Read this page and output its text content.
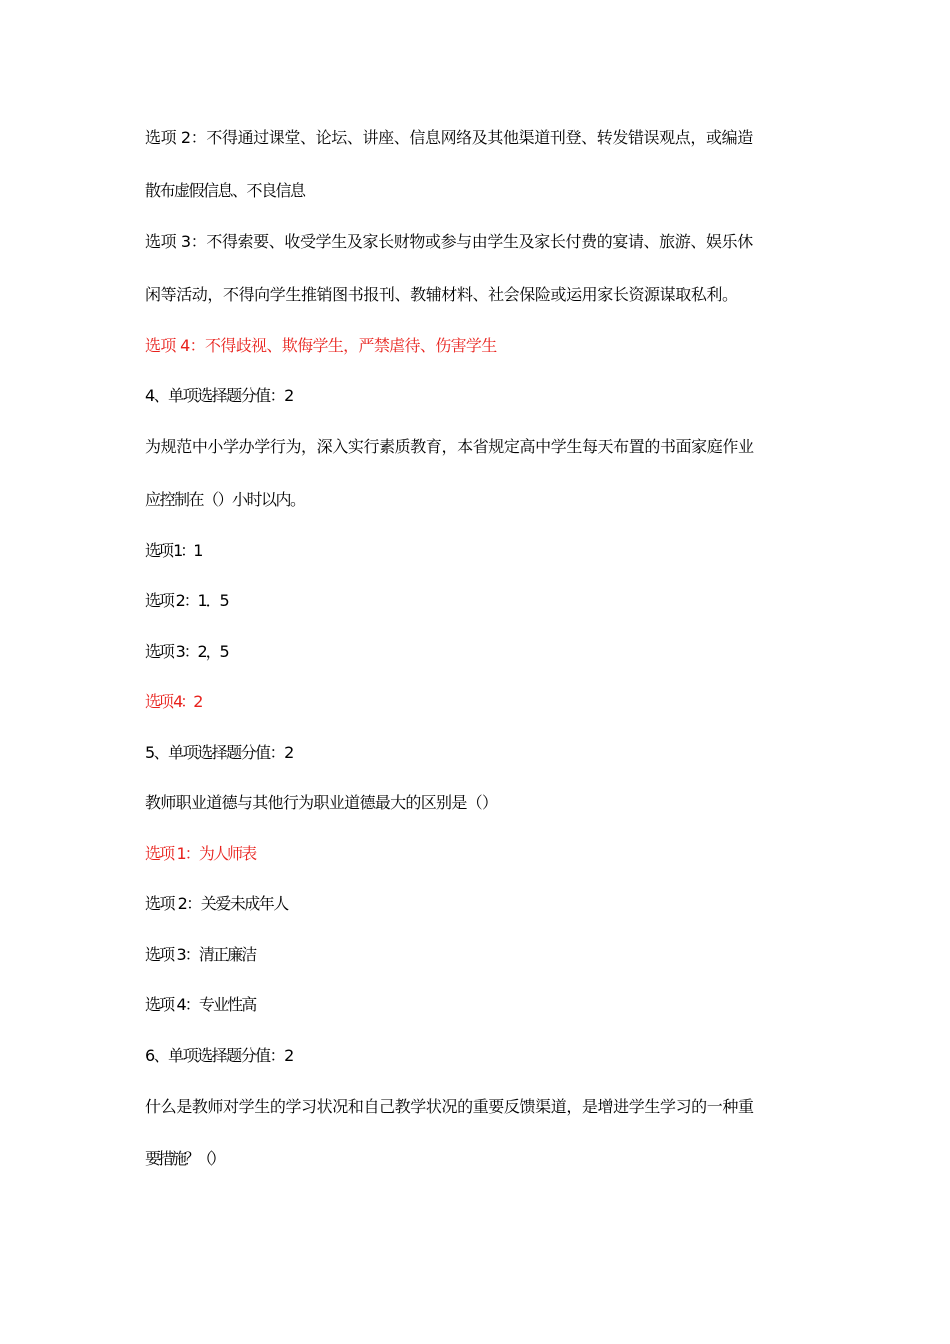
选项 2：不得通过课堂、论坛、讲座、信息网络及其他渠道刊登、转发错误观点，或编造
散布虚假信息、不良信息
选项 3：不得索要、收受学生及家长财物或参与由学生及家长付费的宴请、旅游、娱乐休
闲等活动，不得向学生推销图书报刊、教辅材料、社会保险或运用家长资源谋取私利。
选项 4：不得歧视、欺侮学生，严禁虐待、伤害学生
4、单项选择题分值：2
为规范中小学办学行为，深入实行素质教育，本省规定高中学生每天布置的书面家庭作业
应控制在（）小时以内。
选项 1：1
选项 2：1．5
选项 3：2，5
选项 4：2
5、单项选择题分值：2
教师职业道德与其他行为职业道德最大的区别是（）
选项 1：为人师表
选项 2：关爱未成年人
选项 3：清正廉洁
选项 4：专业性高
6、单项选择题分值：2
什么是教师对学生的学习状况和自己教学状况的重要反馈渠道，是增进学生学习的一种重
要措施？（）
